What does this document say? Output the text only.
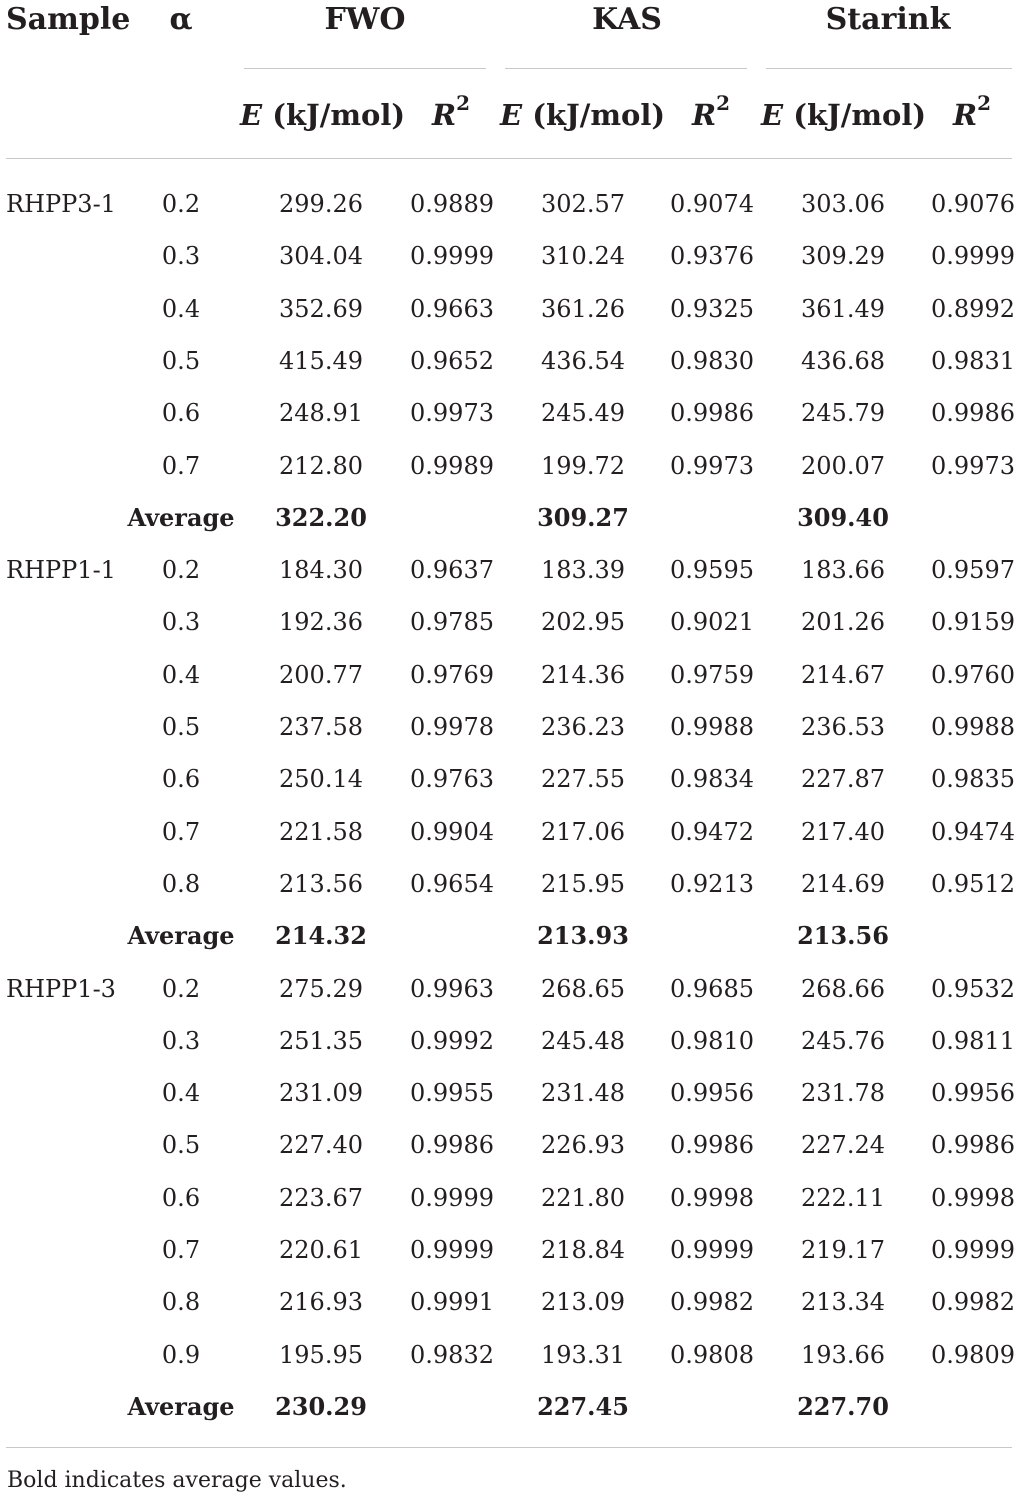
Sample α	FWO	KAS	Starink
E (kJ/mol) $R^2$ E (kJ/mol) $R^2$ E (kJ/mol) $R^2$
RHPP3-1 0.2	299.26 0.9889 302.57 0.9074 303.06 0.9076
0.3	304.04 0.9999 310.24 0.9376 309.29 0.9999
0.4	352.69 0.9663 361.26 0.9325 361.49 0.8992
0.5	415.49 0.9652 436.54 0.9830 436.68 0.9831
0.6	248.91 0.9973 245.49 0.9986 245.79 0.9986
0.7	212.80 0.9989 199.72 0.9973 200.07 0.9973
Average 322.20	309.27	309.40
RHPP1-1 0.2	184.30 0.9637 183.39 0.9595 183.66 0.9597
0.3	192.36 0.9785 202.95 0.9021 201.26 0.9159
0.4	200.77 0.9769 214.36 0.9759 214.67 0.9760
0.5	237.58 0.9978 236.23 0.9988 236.53 0.9988
0.6	250.14 0.9763 227.55 0.9834 227.87 0.9835
0.7	221.58 0.9904 217.06 0.9472 217.40 0.9474
0.8	213.56 0.9654 215.95 0.9213 214.69 0.9512
Average 214.32	213.93	213.56
RHPP1-3 0.2	275.29 0.9963 268.65 0.9685 268.66 0.9532
0.3	251.35 0.9992 245.48 0.9810 245.76 0.9811
0.4	231.09 0.9955 231.48 0.9956 231.78 0.9956
0.5	227.40 0.9986 226.93 0.9986 227.24 0.9986
0.6	223.67 0.9999 221.80 0.9998 222.11 0.9998
0.7	220.61 0.9999 218.84 0.9999 219.17 0.9999
0.8	216.93 0.9991 213.09 0.9982 213.34 0.9982
0.9	195.95 0.9832 193.31 0.9808 193.66 0.9809
Average 230.29	227.45	227.70
Bold indicates average values.
